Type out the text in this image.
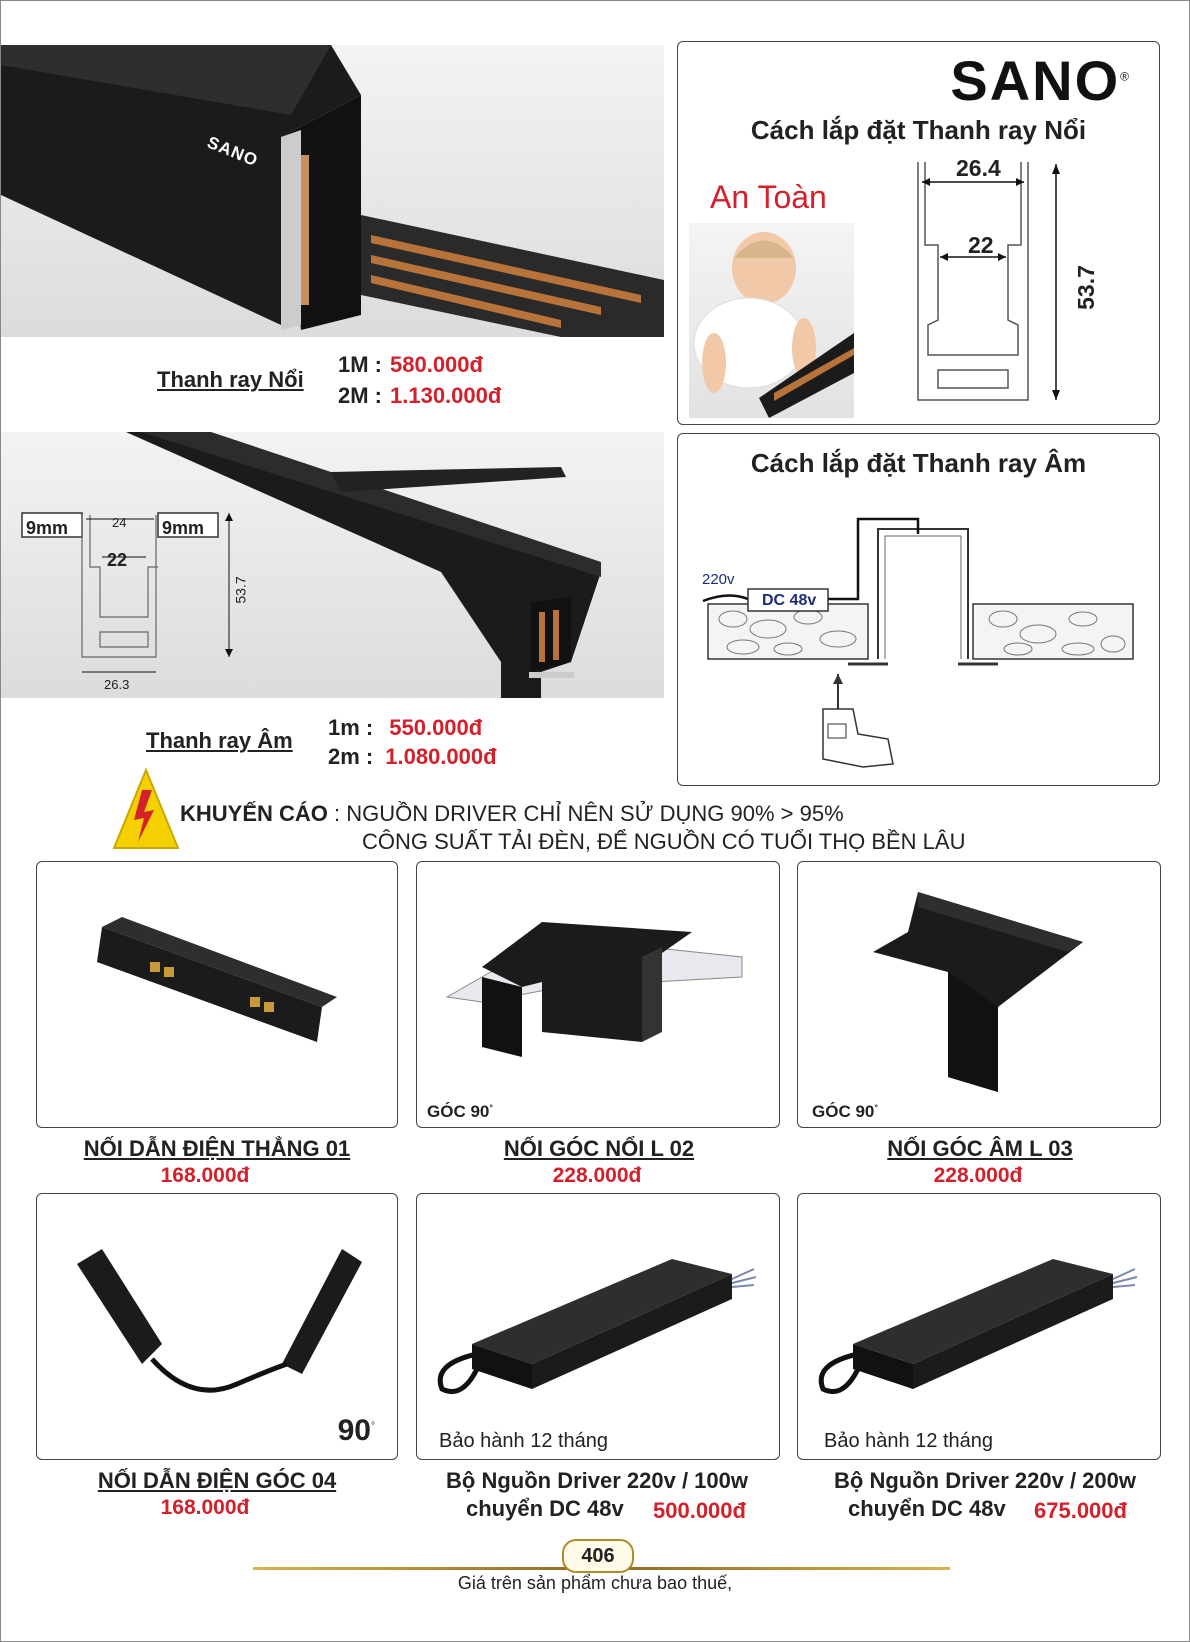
SANO
Thanh ray Nổi
1M : 580.000đ
2M : 1.130.000đ
SANO®
Cách lắp đặt Thanh ray Nổi
An Toàn
26.4
22
53.7
9mm	9mm
24
22
53.7
26.3
Thanh ray Âm
1m : 550.000đ
2m : 1.080.000đ
Cách lắp đặt Thanh ray Âm
220v
DC 48v
KHUYẾN CÁO : NGUỒN DRIVER CHỈ NÊN SỬ DỤNG 90% > 95%
CÔNG SUẤT TẢI ĐÈN, ĐỂ NGUỒN CÓ TUỔI THỌ BỀN LÂU
NỐI DẪN ĐIỆN THẲNG 01
168.000đ
GÓC 90°
NỐI GÓC NỔI L 02
228.000đ
GÓC 90°
NỐI GÓC ÂM L 03
228.000đ
90°
NỐI DẪN ĐIỆN GÓC 04
168.000đ
Bảo hành 12 tháng
Bộ Nguồn Driver 220v / 100w
chuyển DC 48v 500.000đ
Bảo hành 12 tháng
Bộ Nguồn Driver 220v / 200w
chuyển DC 48v 675.000đ
406
Giá trên sản phẩm chưa bao thuế,
